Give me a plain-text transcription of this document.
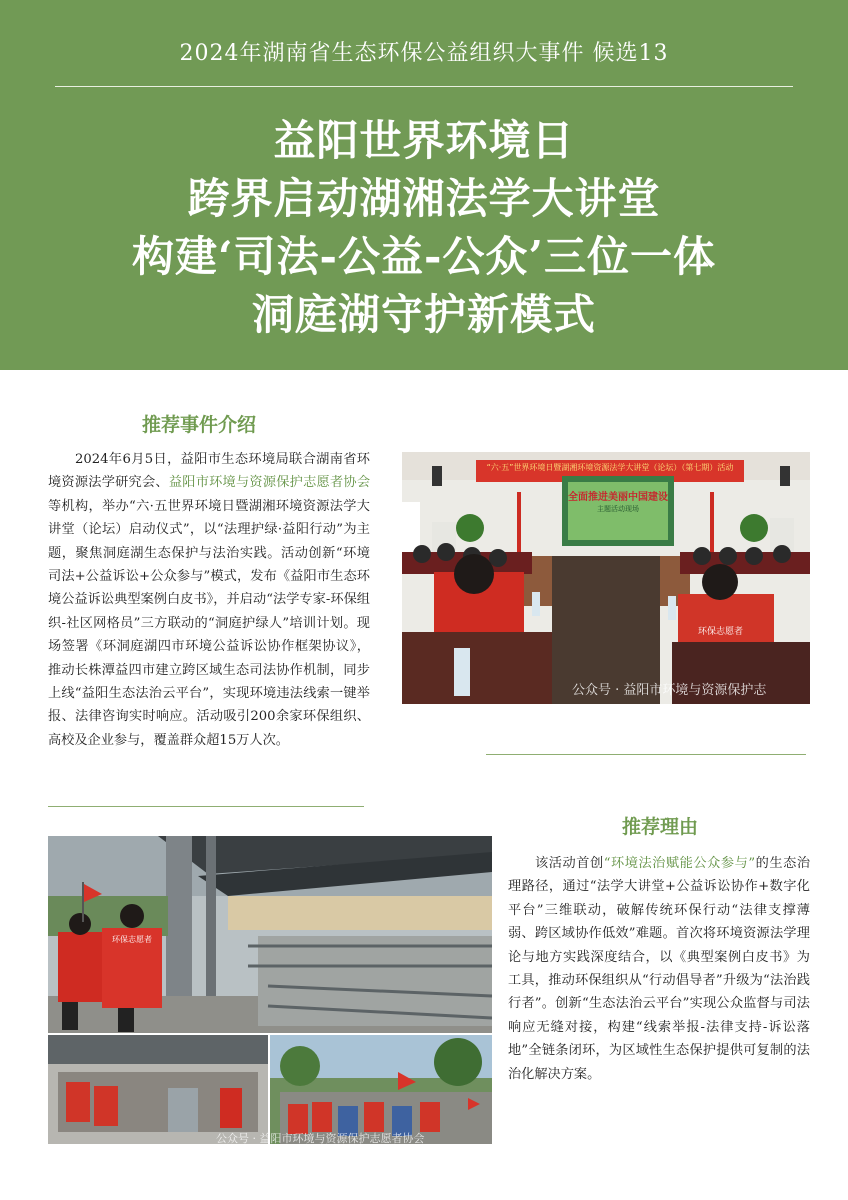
2024年湖南省生态环保公益组织大事件 候选13
益阳世界环境日
跨界启动湖湘法学大讲堂
构建‘司法-公益-公众’三位一体
洞庭湖守护新模式
推荐事件介绍
2024年6月5日，益阳市生态环境局联合湖南省环境资源法学研究会、益阳市环境与资源保护志愿者协会等机构，举办“六·五世界环境日暨湖湘环境资源法学大讲堂（论坛）启动仪式”，以“法理护绿·益阳行动”为主题，聚焦洞庭湖生态保护与法治实践。活动创新“环境司法+公益诉讼+公众参与”模式，发布《益阳市生态环境公益诉讼典型案例白皮书》，并启动“法学专家-环保组织-社区网格员”三方联动的“洞庭护绿人”培训计划。现场签署《环洞庭湖四市环境公益诉讼协作框架协议》，推动长株潭益四市建立跨区域生态司法协作机制，同步上线“益阳生态法治云平台”，实现环境违法线索一键举报、法律咨询实时响应。活动吸引200余家环保组织、高校及企业参与，覆盖群众超15万人次。
“六·五”世界环境日暨湖湘环境资源法学大讲堂（论坛）（第七期）活动
全面推进美丽中国建设
主题活动现场
环保志愿者
公众号 · 益阳市环境与资源保护志
推荐理由
该活动首创“环境法治赋能公众参与”的生态治理路径，通过“法学大讲堂+公益诉讼协作+数字化平台”三维联动，破解传统环保行动“法律支撑薄弱、跨区域协作低效”难题。首次将环境资源法学理论与地方实践深度结合，以《典型案例白皮书》为工具，推动环保组织从“行动倡导者”升级为“法治践行者”。创新“生态法治云平台”实现公众监督与司法响应无缝对接，构建“线索举报-法律支持-诉讼落地”全链条闭环，为区域性生态保护提供可复制的法治化解决方案。
环保志愿者
公众号 · 益阳市环境与资源保护志愿者协会
